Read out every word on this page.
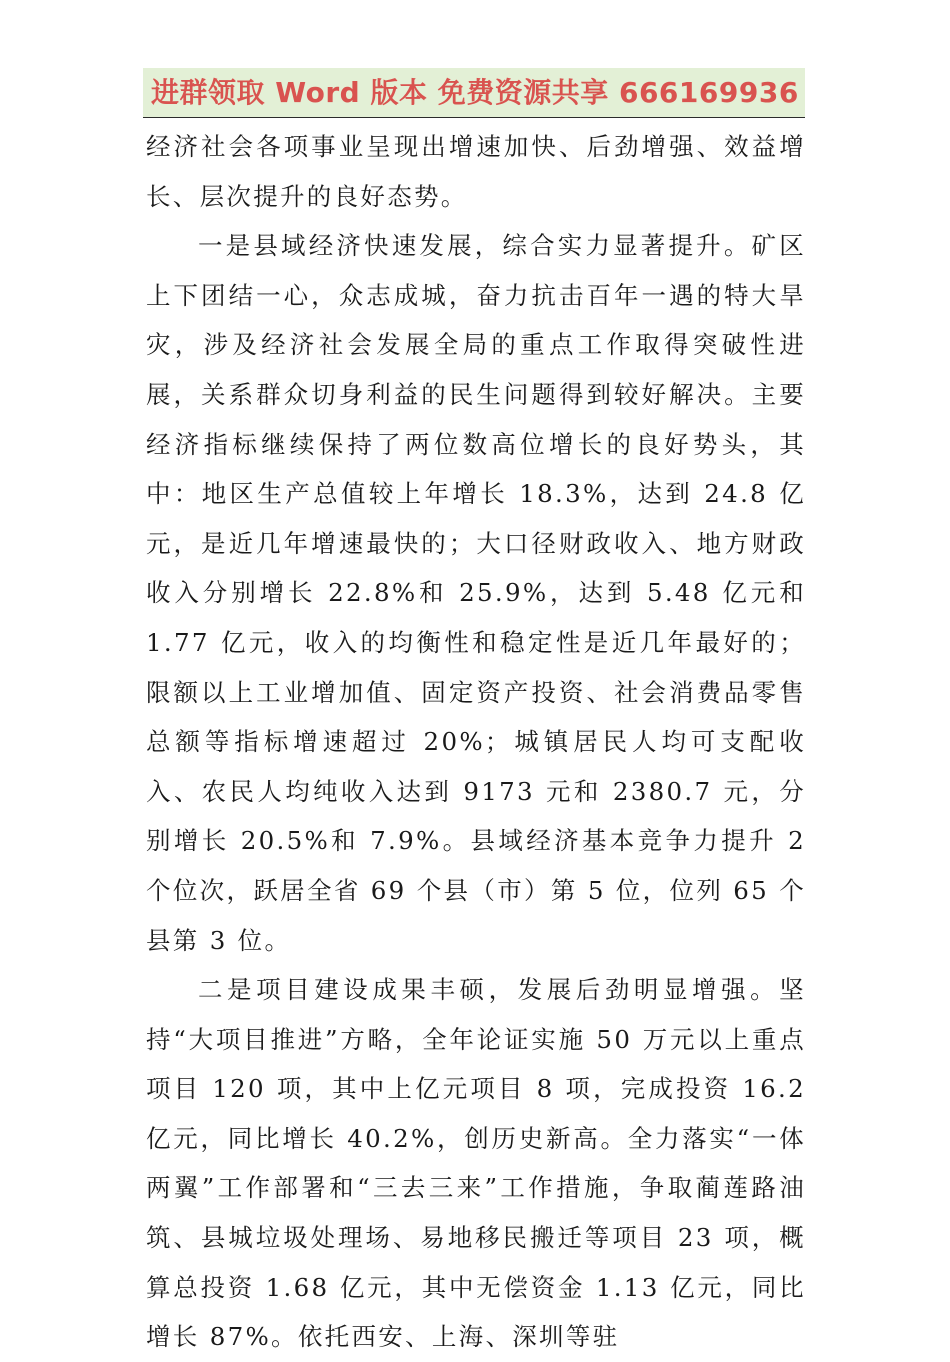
进群领取 Word 版本 免费资源共享 666169936

经济社会各项事业呈现出增速加快、后劲增强、效益增长、层次提升的良好态势。

一是县域经济快速发展，综合实力显著提升。矿区上下团结一心，众志成城，奋力抗击百年一遇的特大旱灾，涉及经济社会发展全局的重点工作取得突破性进展，关系群众切身利益的民生问题得到较好解决。主要经济指标继续保持了两位数高位增长的良好势头，其中：地区生产总值较上年增长 18.3%，达到 24.8 亿元，是近几年增速最快的；大口径财政收入、地方财政收入分别增长 22.8%和 25.9%，达到 5.48 亿元和 1.77 亿元，收入的均衡性和稳定性是近几年最好的；限额以上工业增加值、固定资产投资、社会消费品零售总额等指标增速超过 20%；城镇居民人均可支配收入、农民人均纯收入达到 9173 元和 2380.7 元，分别增长 20.5%和 7.9%。县域经济基本竞争力提升 2 个位次，跃居全省 69 个县（市）第 5 位，位列 65 个县第 3 位。

二是项目建设成果丰硕，发展后劲明显增强。坚持“大项目推进”方略，全年论证实施 50 万元以上重点项目 120 项，其中上亿元项目 8 项，完成投资 16.2 亿元，同比增长 40.2%，创历史新高。全力落实“一体两翼”工作部署和“三去三来”工作措施，争取蔺莲路油筑、县城垃圾处理场、易地移民搬迁等项目 23 项，概算总投资 1.68 亿元，其中无偿资金 1.13 亿元，同比增长 87%。依托西安、上海、深圳等驻
